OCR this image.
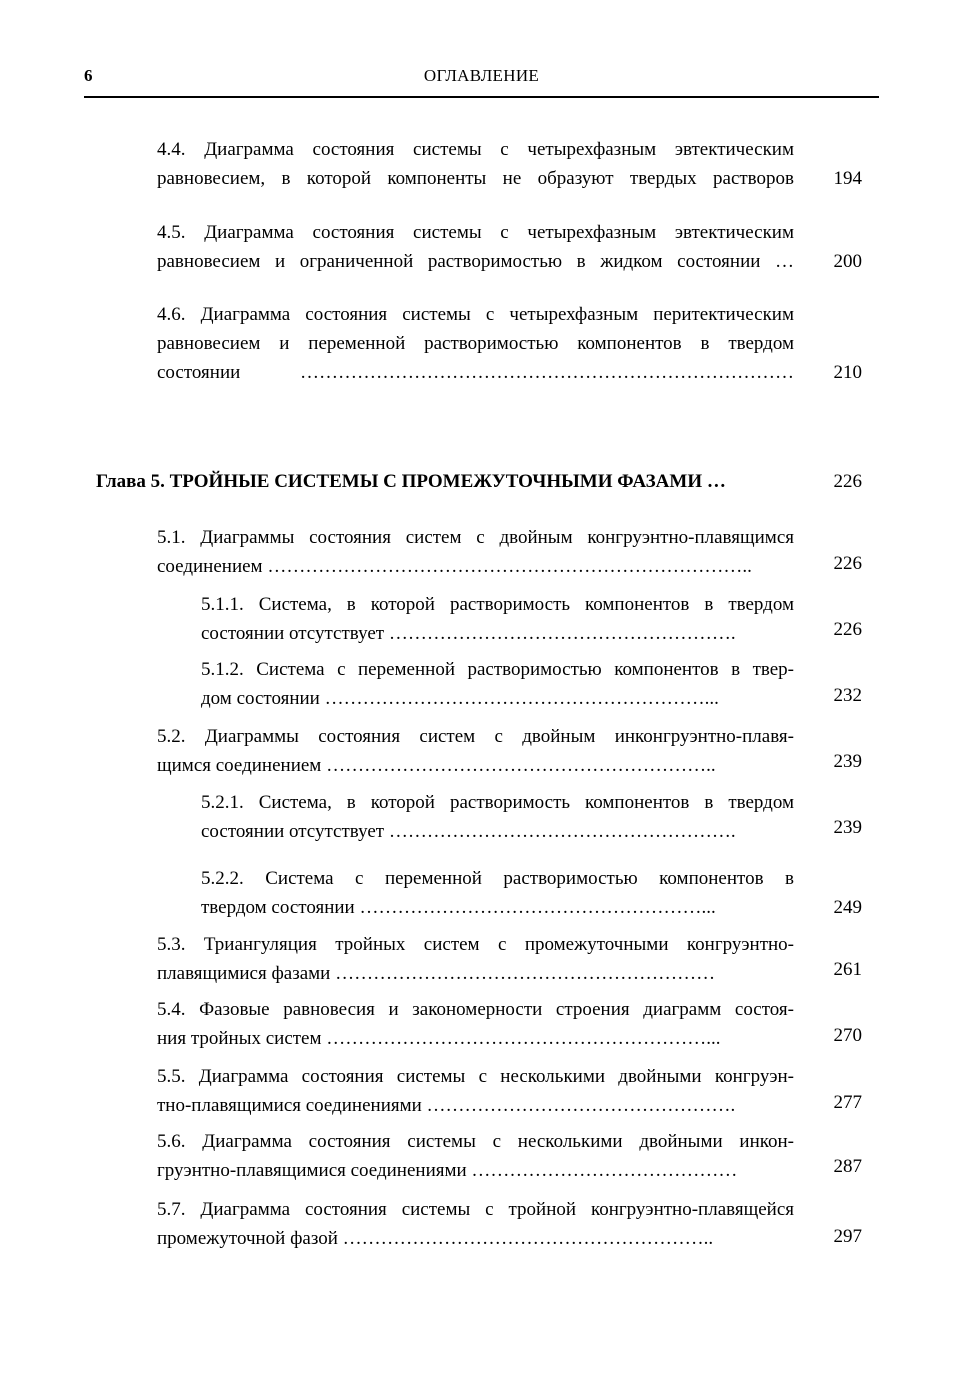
6	ОГЛАВЛЕНИЕ
4.4. Диаграмма состояния системы с четырехфазным эвтектическим
равновесием, в которой компоненты не образуют твердых растворов	194
4.5. Диаграмма состояния системы с четырехфазным эвтектическим
равновесием и ограниченной растворимостью в жидком состоянии …	200
4.6. Диаграмма состояния системы с четырехфазным перитектическим
равновесием и переменной растворимостью компонентов в твердом
состоянии ……………………………………………………………………	210
Глава 5. ТРОЙНЫЕ СИСТЕМЫ С ПРОМЕЖУТОЧНЫМИ ФАЗАМИ …	226
5.1. Диаграммы состояния систем с двойным конгруэнтно-плавящимся
соединением …………………………………………………………………..	226
5.1.1. Система, в которой растворимость компонентов в твердом
состоянии отсутствует ……………………………………………….	226
5.1.2. Система с переменной растворимостью компонентов в твер-
дом состоянии ……………………………………………………...	232
5.2. Диаграммы состояния систем с двойным инконгруэнтно-плавя-
щимся соединением ……………………………………………………..	239
5.2.1. Система, в которой растворимость компонентов в твердом
состоянии отсутствует ……………………………………………….	239
5.2.2. Система с переменной растворимостью компонентов в
твердом состоянии ………………………………………………...	249
5.3. Триангуляция тройных систем с промежуточными конгруэнтно-
плавящимися фазами ……………………………………………………	261
5.4. Фазовые равновесия и закономерности строения диаграмм состоя-
ния тройных систем ……………………………………………………...	270
5.5. Диаграмма состояния системы с несколькими двойными конгруэн-
тно-плавящимися соединениями ………………………………………….	277
5.6. Диаграмма состояния системы с несколькими двойными инкон-
груэнтно-плавящимися соединениями ……………………………………	287
5.7. Диаграмма состояния системы с тройной конгруэнтно-плавящейся
промежуточной фазой …………………………………………………..	297
